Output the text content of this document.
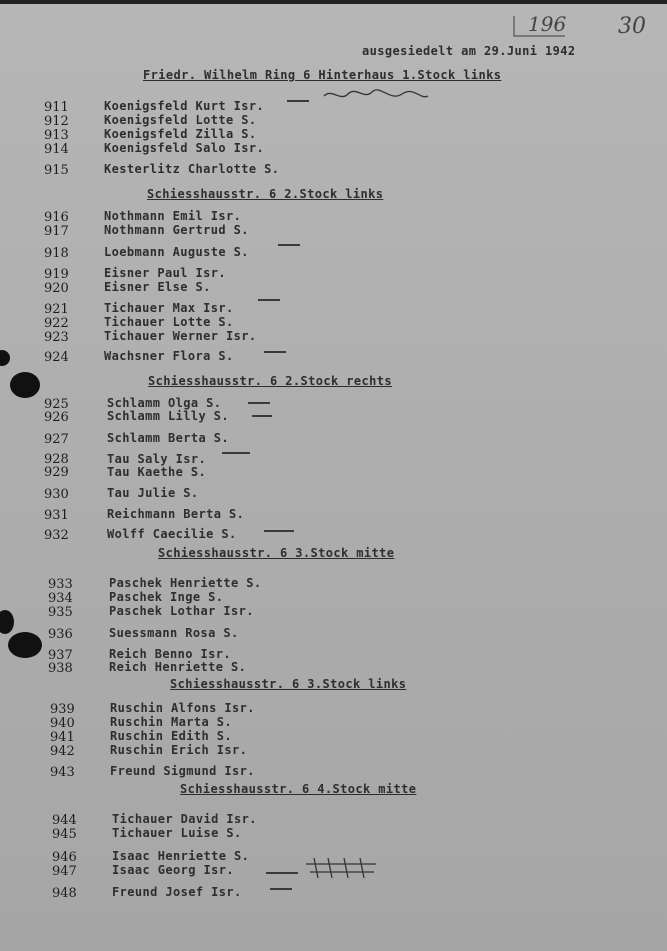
196 30
ausgesiedelt am 29.Juni 1942
Friedr. Wilhelm Ring 6 Hinterhaus 1.Stock links
911	Koenigsfeld Kurt Isr.
912	Koenigsfeld Lotte S.
913	Koenigsfeld Zilla S.
914	Koenigsfeld Salo Isr.
915	Kesterlitz Charlotte S.
Schiesshausstr. 6 2.Stock links
916	Nothmann Emil Isr.
917	Nothmann Gertrud S.
918	Loebmann Auguste S.
919	Eisner Paul Isr.
920	Eisner Else S.
921	Tichauer Max Isr.
922	Tichauer Lotte S.
923	Tichauer Werner Isr.
924	Wachsner Flora S.
Schiesshausstr. 6 2.Stock rechts
925	Schlamm Olga S.
926	Schlamm Lilly S.
927	Schlamm Berta S.
928	Tau Saly Isr.
929	Tau Kaethe S.
930	Tau Julie S.
931	Reichmann Berta S.
932	Wolff Caecilie S.
Schiesshausstr. 6 3.Stock mitte
933	Paschek Henriette S.
934	Paschek Inge S.
935	Paschek Lothar Isr.
936	Suessmann Rosa S.
937	Reich Benno Isr.
938	Reich Henriette S.
Schiesshausstr. 6 3.Stock links
939	Ruschin Alfons Isr.
940	Ruschin Marta S.
941	Ruschin Edith S.
942	Ruschin Erich Isr.
943	Freund Sigmund Isr.
Schiesshausstr. 6 4.Stock mitte
944	Tichauer David Isr.
945	Tichauer Luise S.
946	Isaac Henriette S.
947	Isaac Georg Isr.
948	Freund Josef Isr.
